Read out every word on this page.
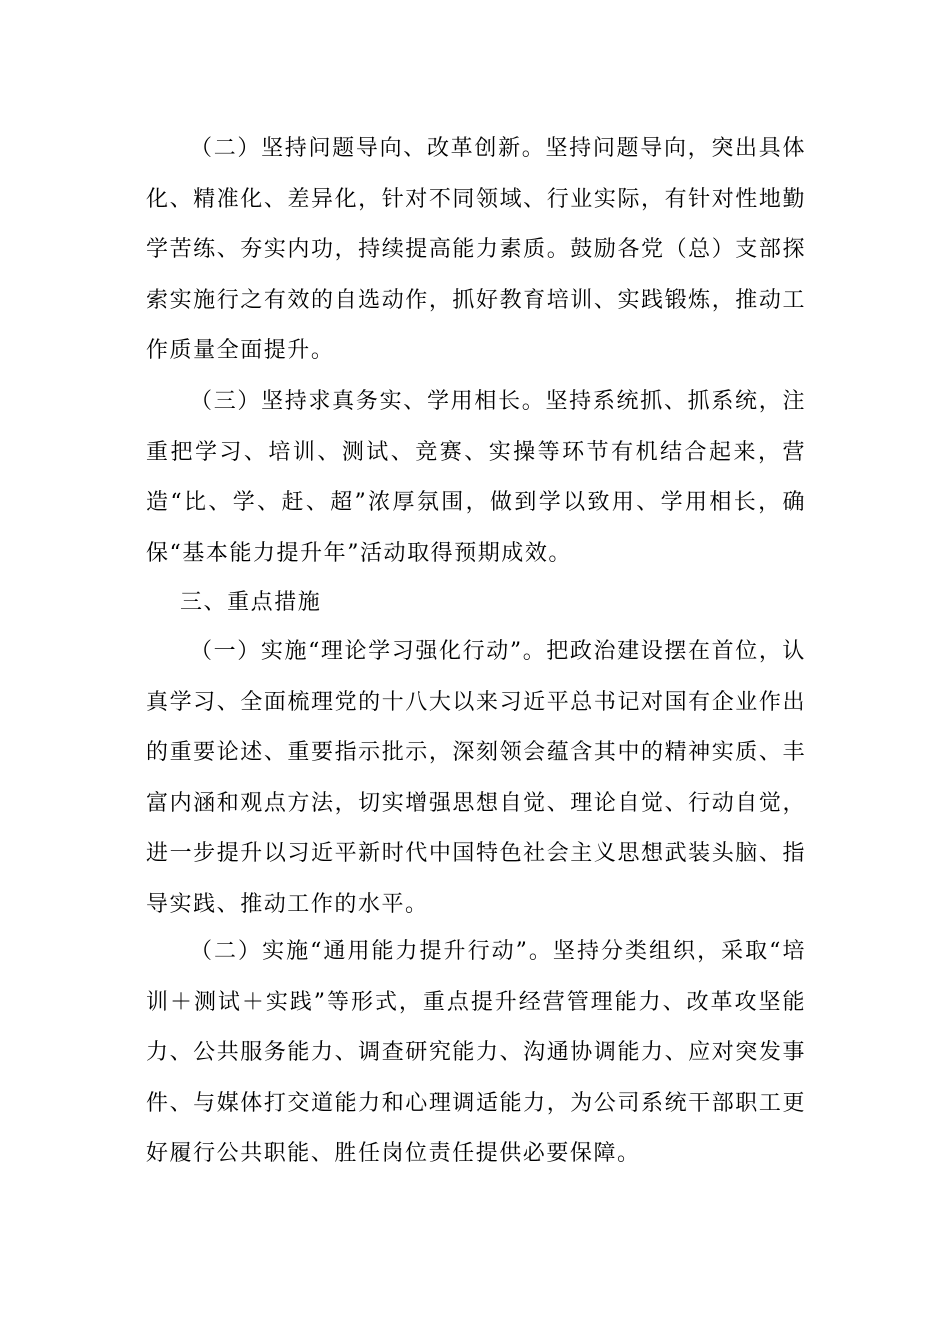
（二）坚持问题导向、改革创新。坚持问题导向，突出具体化、精准化、差异化，针对不同领域、行业实际，有针对性地勤学苦练、夯实内功，持续提高能力素质。鼓励各党（总）支部探索实施行之有效的自选动作，抓好教育培训、实践锻炼，推动工作质量全面提升。

（三）坚持求真务实、学用相长。坚持系统抓、抓系统，注重把学习、培训、测试、竞赛、实操等环节有机结合起来，营造“比、学、赶、超”浓厚氛围，做到学以致用、学用相长，确保“基本能力提升年”活动取得预期成效。

三、重点措施

（一）实施“理论学习强化行动”。把政治建设摆在首位，认真学习、全面梳理党的十八大以来习近平总书记对国有企业作出的重要论述、重要指示批示，深刻领会蕴含其中的精神实质、丰富内涵和观点方法，切实增强思想自觉、理论自觉、行动自觉，进一步提升以习近平新时代中国特色社会主义思想武装头脑、指导实践、推动工作的水平。

（二）实施“通用能力提升行动”。坚持分类组织，采取“培训＋测试＋实践”等形式，重点提升经营管理能力、改革攻坚能力、公共服务能力、调查研究能力、沟通协调能力、应对突发事件、与媒体打交道能力和心理调适能力，为公司系统干部职工更好履行公共职能、胜任岗位责任提供必要保障。
